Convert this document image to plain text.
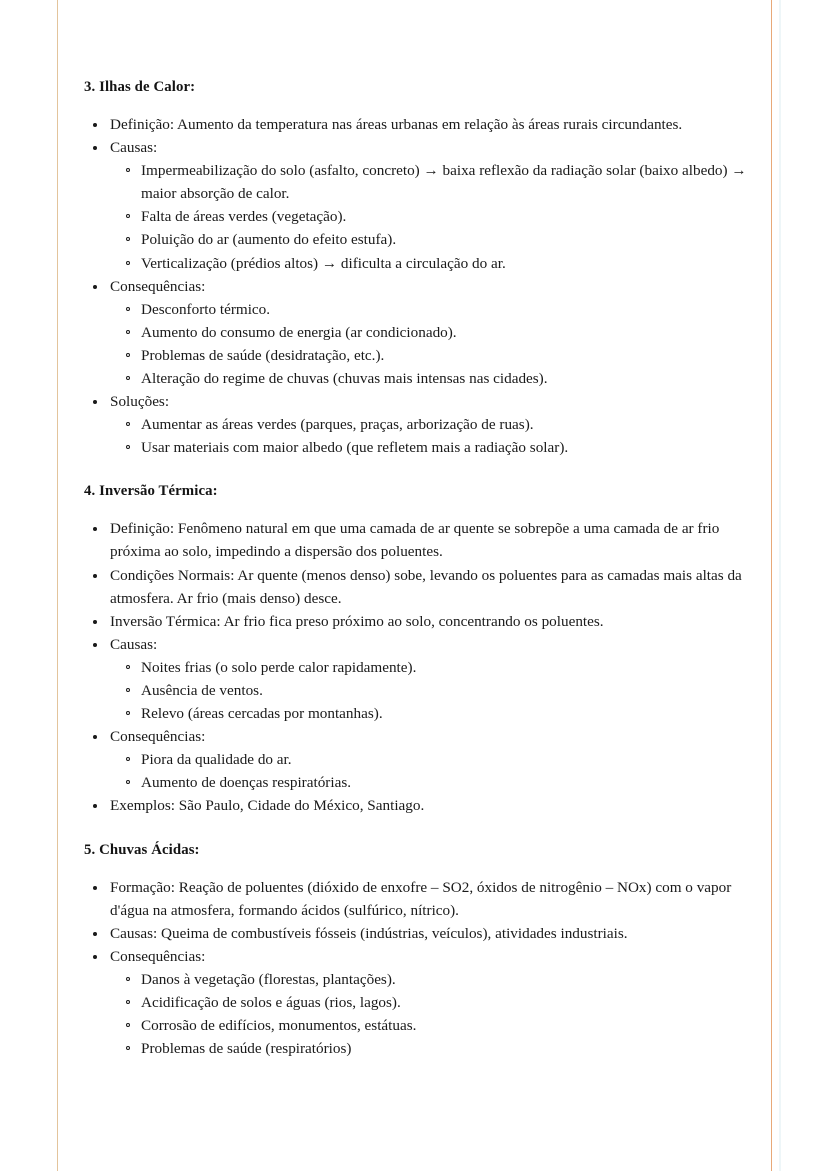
3. Ilhas de Calor:
Definição: Aumento da temperatura nas áreas urbanas em relação às áreas rurais circundantes.
Causas:
Impermeabilização do solo (asfalto, concreto) → baixa reflexão da radiação solar (baixo albedo) → maior absorção de calor.
Falta de áreas verdes (vegetação).
Poluição do ar (aumento do efeito estufa).
Verticalização (prédios altos) → dificulta a circulação do ar.
Consequências:
Desconforto térmico.
Aumento do consumo de energia (ar condicionado).
Problemas de saúde (desidratação, etc.).
Alteração do regime de chuvas (chuvas mais intensas nas cidades).
Soluções:
Aumentar as áreas verdes (parques, praças, arborização de ruas).
Usar materiais com maior albedo (que refletem mais a radiação solar).
4. Inversão Térmica:
Definição: Fenômeno natural em que uma camada de ar quente se sobrepõe a uma camada de ar frio próxima ao solo, impedindo a dispersão dos poluentes.
Condições Normais: Ar quente (menos denso) sobe, levando os poluentes para as camadas mais altas da atmosfera. Ar frio (mais denso) desce.
Inversão Térmica: Ar frio fica preso próximo ao solo, concentrando os poluentes.
Causas:
Noites frias (o solo perde calor rapidamente).
Ausência de ventos.
Relevo (áreas cercadas por montanhas).
Consequências:
Piora da qualidade do ar.
Aumento de doenças respiratórias.
Exemplos: São Paulo, Cidade do México, Santiago.
5. Chuvas Ácidas:
Formação: Reação de poluentes (dióxido de enxofre – SO2, óxidos de nitrogênio – NOx) com o vapor d'água na atmosfera, formando ácidos (sulfúrico, nítrico).
Causas: Queima de combustíveis fósseis (indústrias, veículos), atividades industriais.
Consequências:
Danos à vegetação (florestas, plantações).
Acidificação de solos e águas (rios, lagos).
Corrosão de edifícios, monumentos, estátuas.
Problemas de saúde (respiratórios)
